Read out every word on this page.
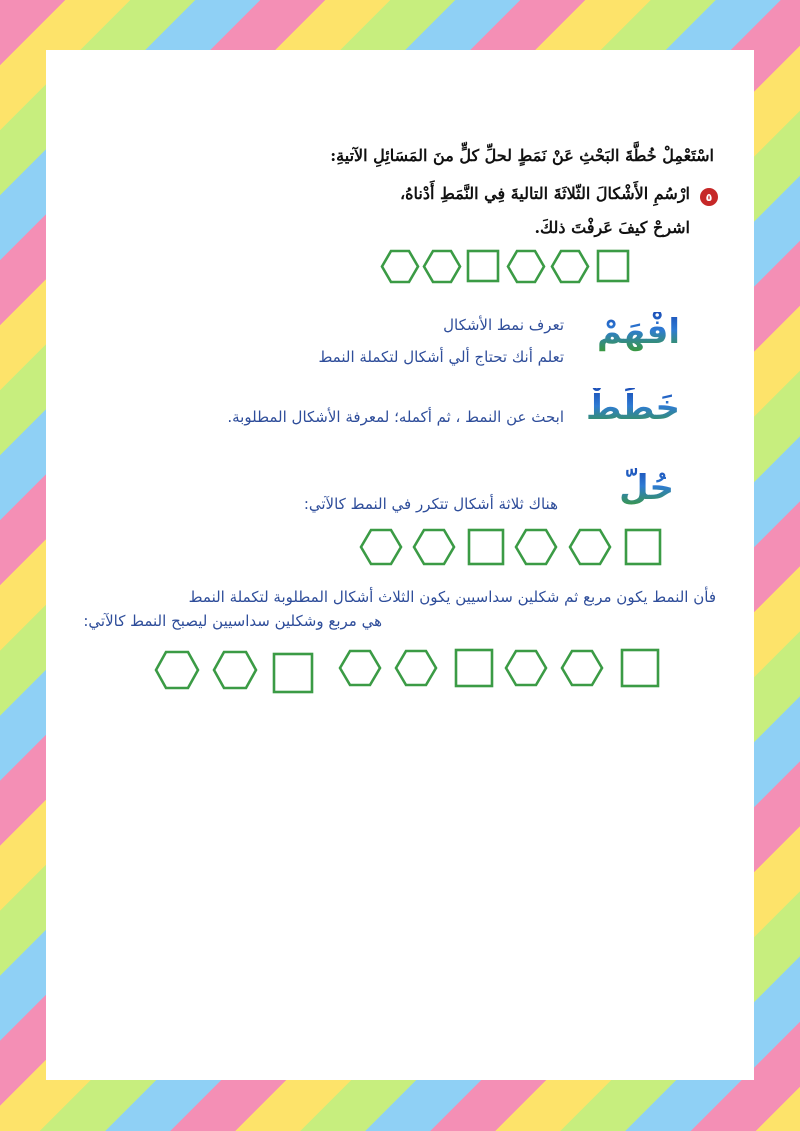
اسْتَعْمِلْ خُطَّةَ البَحْثِ عَنْ نَمَطٍ لحلِّ كلٍّ منَ المَسَائِلِ الآتيةِ:
٥
ارْسُمِ الأَشْكالَ الثّلاثَةَ التاليةَ فِي النَّمَطِ أَدْناهُ،
اشرحْ كيفَ عَرفْتَ ذلكَ.
افْهَمْ
تعرف نمط الأشكال
تعلم أنك تحتاج ألي أشكال لتكملة النمط
خَطِّطْ
ابحث عن النمط ، ثم أكمله؛ لمعرفة الأشكال المطلوبة.
حُلّ
هناك ثلاثة أشكال تتكرر في النمط كالآتي:
فأن النمط يكون مربع ثم شكلين سداسيين يكون الثلاث أشكال المطلوبة لتكملة النمط
هي مربع وشكلين سداسيين ليصبح النمط كالآتي:
